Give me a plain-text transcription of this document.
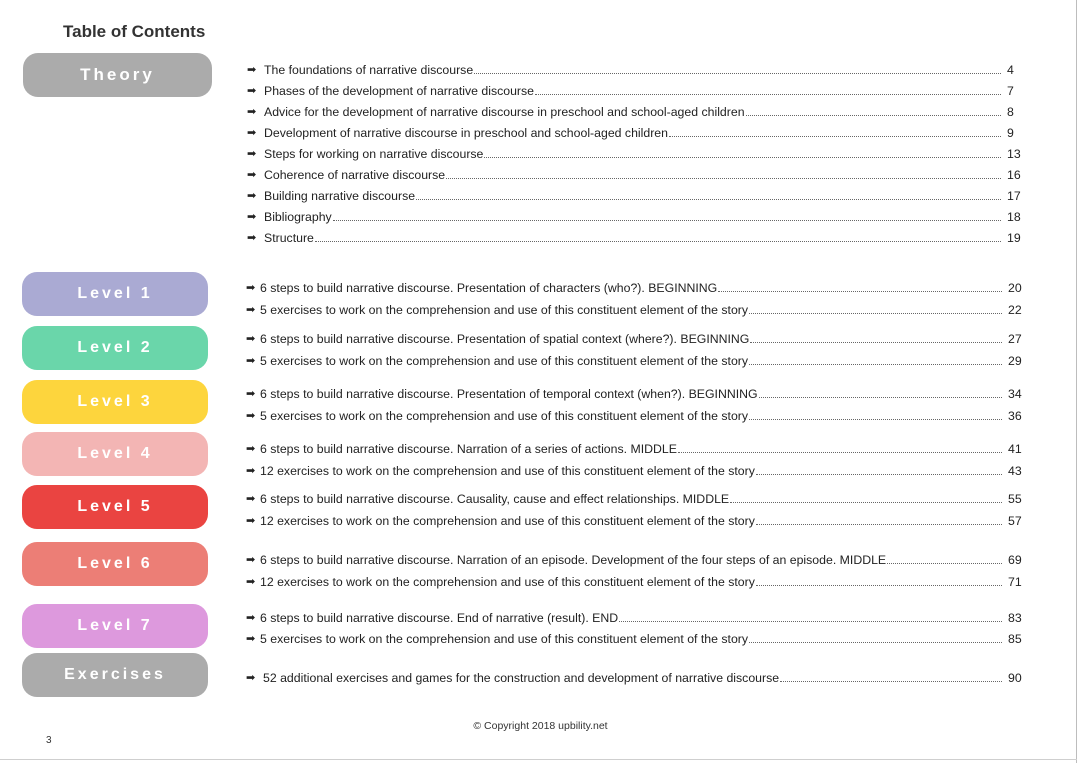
Table of Contents
Theory
Level 1
Level 2
Level 3
Level 4
Level 5
Level 6
Level 7
Exercises
➡ The foundations of narrative discourse	4
➡ Phases of the development of narrative discourse	7
➡ Advice for the development of narrative discourse in preschool and school-aged children	8
➡ Development of narrative discourse in preschool and school-aged children	9
➡ Steps for working on narrative discourse	13
➡ Coherence of narrative discourse	16
➡ Building narrative discourse	17
➡ Bibliography	18
➡ Structure	19
➡ 6 steps to build narrative discourse. Presentation of characters (who?). BEGINNING	20
➡ 5 exercises to work on the comprehension and use of this constituent element of the story	22
➡ 6 steps to build narrative discourse. Presentation of spatial context (where?). BEGINNING	27
➡ 5 exercises to work on the comprehension and use of this constituent element of the story	29
➡ 6 steps to build narrative discourse. Presentation of temporal context (when?). BEGINNING	34
➡ 5 exercises to work on the comprehension and use of this constituent element of the story	36
➡ 6 steps to build narrative discourse. Narration of a series of actions. MIDDLE	41
➡ 12 exercises to work on the comprehension and use of this constituent element of the story	43
➡ 6 steps to build narrative discourse. Causality, cause and effect relationships. MIDDLE	55
➡ 12 exercises to work on the comprehension and use of this constituent element of the story	57
➡ 6 steps to build narrative discourse. Narration of an episode. Development of the four steps of an episode. MIDDLE	69
➡ 12 exercises to work on the comprehension and use of this constituent element of the story	71
➡ 6 steps to build narrative discourse. End of narrative (result). END	83
➡ 5 exercises to work on the comprehension and use of this constituent element of the story	85
➡ 52 additional exercises and games for the construction and development of narrative discourse	90
© Copyright 2018 upbility.net
3
